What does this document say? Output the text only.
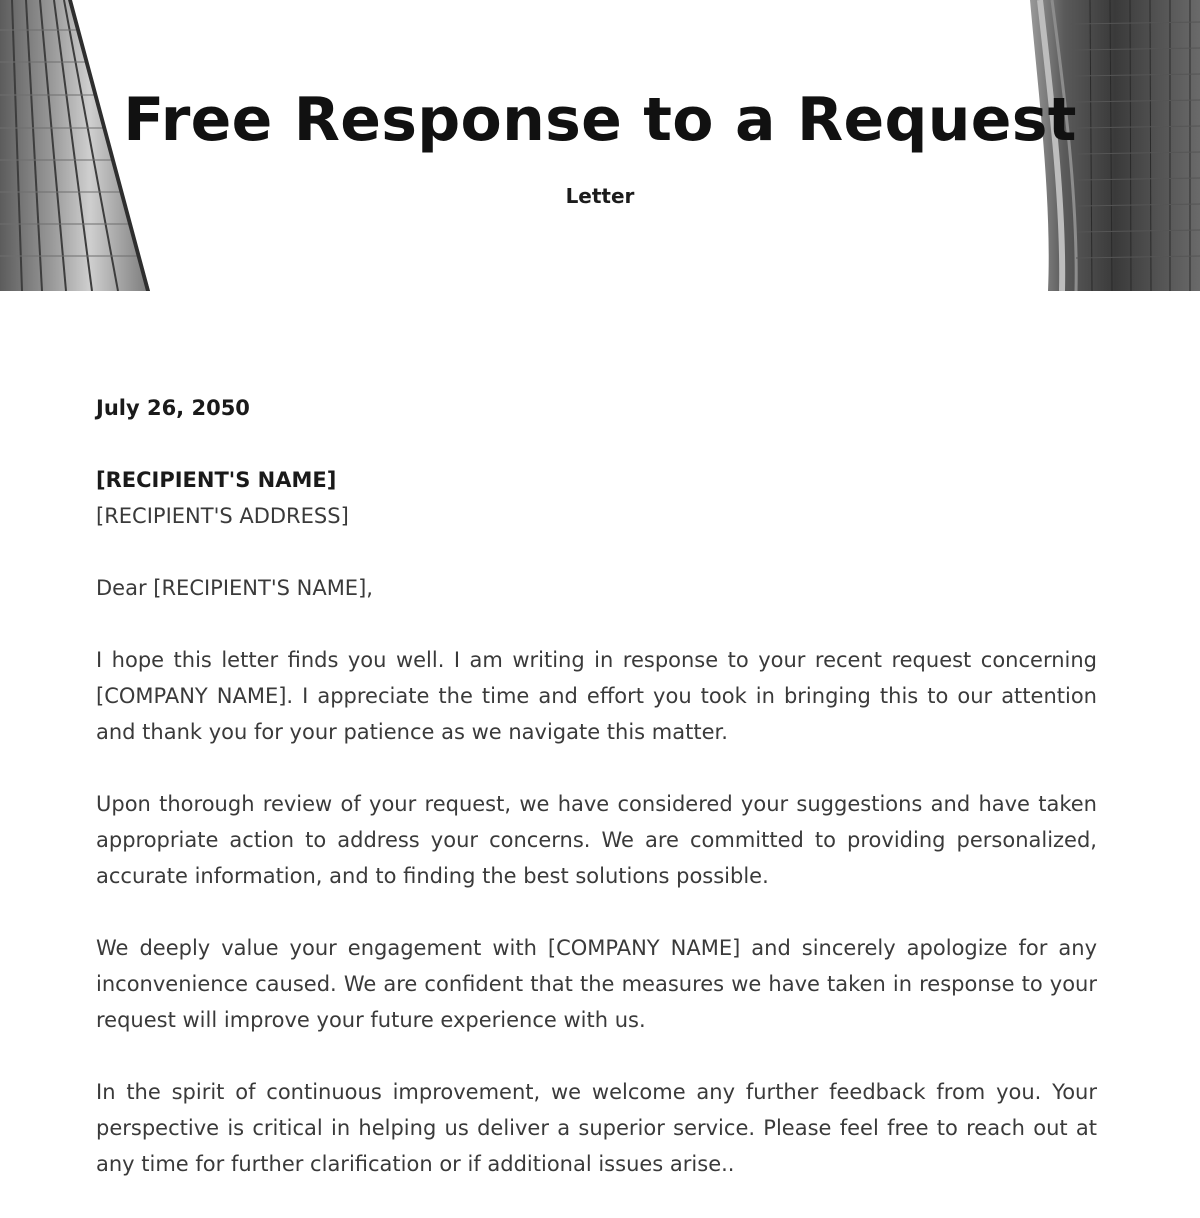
Free Response to a Request
Letter

July 26, 2050

[RECIPIENT'S NAME]

[RECIPIENT'S ADDRESS]

Dear [RECIPIENT'S NAME],

I hope this letter finds you well. I am writing in response to your recent request concerning [COMPANY NAME]. I appreciate the time and effort you took in bringing this to our attention and thank you for your patience as we navigate this matter.

Upon thorough review of your request, we have considered your suggestions and have taken appropriate action to address your concerns. We are committed to providing personalized, accurate information, and to finding the best solutions possible.

We deeply value your engagement with [COMPANY NAME] and sincerely apologize for any inconvenience caused. We are confident that the measures we have taken in response to your request will improve your future experience with us.

In the spirit of continuous improvement, we welcome any further feedback from you. Your perspective is critical in helping us deliver a superior service. Please feel free to reach out at any time for further clarification or if additional issues arise..
